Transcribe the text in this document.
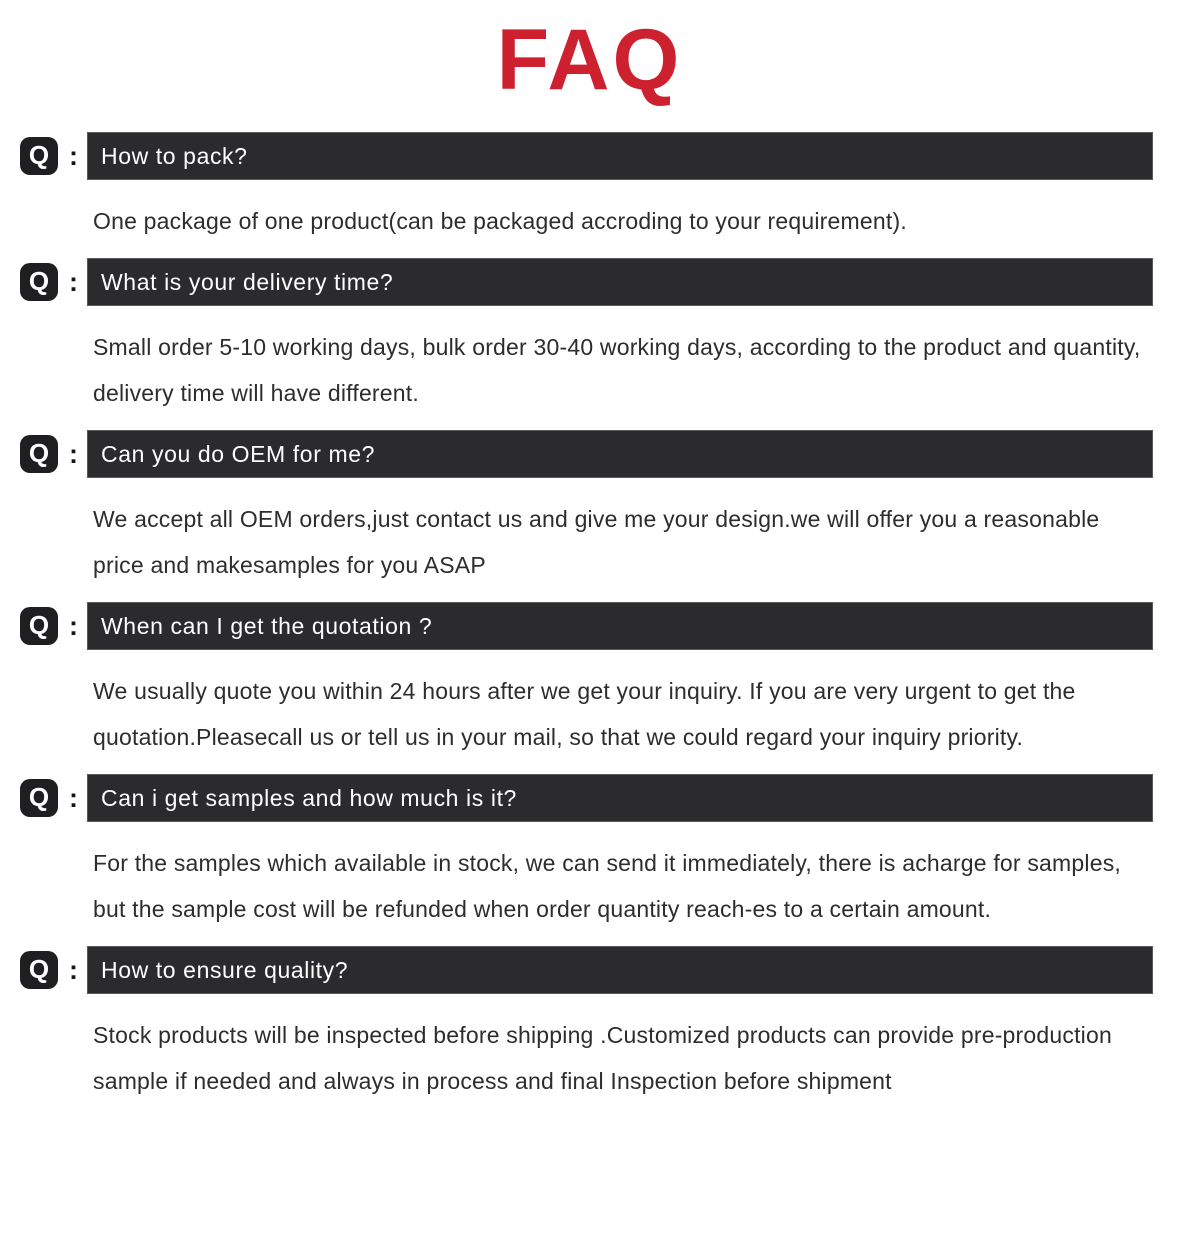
FAQ
Q : How to pack?

One package of one product(can be packaged accroding to your requirement).

Q : What is your delivery time?

Small order 5-10 working days, bulk order 30-40 working days, according to the product and quantity, delivery time will have different.

Q : Can you do OEM for me?

We accept all OEM orders,just contact us and give me your design.we will offer you a reasonable price and makesamples for you ASAP

Q : When can I get the quotation ?

We usually quote you within 24 hours after we get your inquiry. If you are very urgent to get the quotation.Pleasecall us or tell us in your mail, so that we could regard your inquiry priority.

Q : Can i get samples and how much is it?

For the samples which available in stock, we can send it immediately, there is acharge for samples, but the sample cost will be refunded when order quantity reach-es to a certain amount.

Q : How to ensure quality?

Stock products will be inspected before shipping .Customized products can provide pre-production sample if needed and always in process and final Inspection before shipment
